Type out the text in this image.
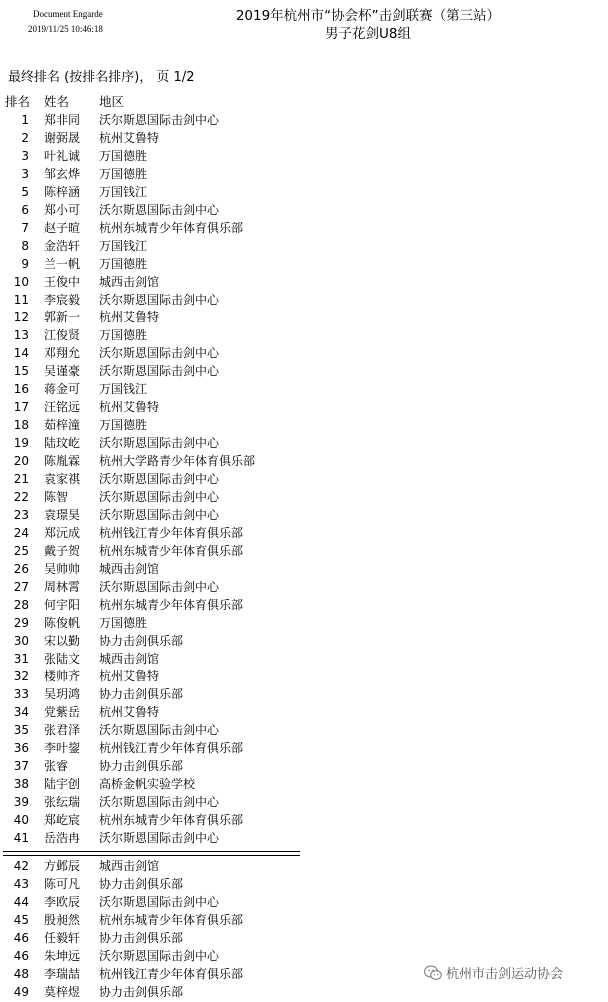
Document Engarde
2019/11/25 10:46:18
2019年杭州市“协会杯”击剑联赛（第三站）
男子花剑U8组
最终排名 (按排名排序)， 页 1/2
排名 姓名 地区
1 郑非同 沃尔斯恩国际击剑中心
2 谢弼晟 杭州艾鲁特
3 叶礼诚 万国德胜
3 邹玄烨 万国德胜
5 陈梓涵 万国钱江
6 郑小可 沃尔斯恩国际击剑中心
7 赵子暄 杭州东城青少年体育俱乐部
8 金浩轩 万国钱江
9 兰一帆 万国德胜
10 王俊中 城西击剑馆
11 李宸毅 沃尔斯恩国际击剑中心
12 郭新一 杭州艾鲁特
13 江俊贤 万国德胜
14 邓翔允 沃尔斯恩国际击剑中心
15 吴谨豪 沃尔斯恩国际击剑中心
16 蒋金可 万国钱江
17 汪铭远 杭州艾鲁特
18 茹梓潼 万国德胜
19 陆玟屹 沃尔斯恩国际击剑中心
20 陈胤霖 杭州大学路青少年体育俱乐部
21 袁家祺 沃尔斯恩国际击剑中心
22 陈智	沃尔斯恩国际击剑中心
23 袁璟昊 沃尔斯恩国际击剑中心
24 郑沅成 杭州钱江青少年体育俱乐部
25 戴子贺 杭州东城青少年体育俱乐部
26 吴帅帅 城西击剑馆
27 周林霄 沃尔斯恩国际击剑中心
28 何宇阳 杭州东城青少年体育俱乐部
29 陈俊帆 万国德胜
30 宋以勤 协力击剑俱乐部
31 张陆文 城西击剑馆
32 楼帅齐 杭州艾鲁特
33 吴玥鸿 协力击剑俱乐部
34 党紫岳 杭州艾鲁特
35 张君泽 沃尔斯恩国际击剑中心
36 李叶鋆 杭州钱江青少年体育俱乐部
37 张睿	协力击剑俱乐部
38 陆宇创 高桥金帆实验学校
39 张纭瑞 沃尔斯恩国际击剑中心
40 郑屹宸 杭州东城青少年体育俱乐部
41 岳浩冉 沃尔斯恩国际击剑中心
42 方邺辰 城西击剑馆
43 陈可凡 协力击剑俱乐部
44 李欧辰 沃尔斯恩国际击剑中心
45 殷昶然 杭州东城青少年体育俱乐部
46 任毅轩 协力击剑俱乐部
46 朱坤远 沃尔斯恩国际击剑中心
48 李瑞喆 杭州钱江青少年体育俱乐部
49 莫梓煜 协力击剑俱乐部
杭州市击剑运动协会
